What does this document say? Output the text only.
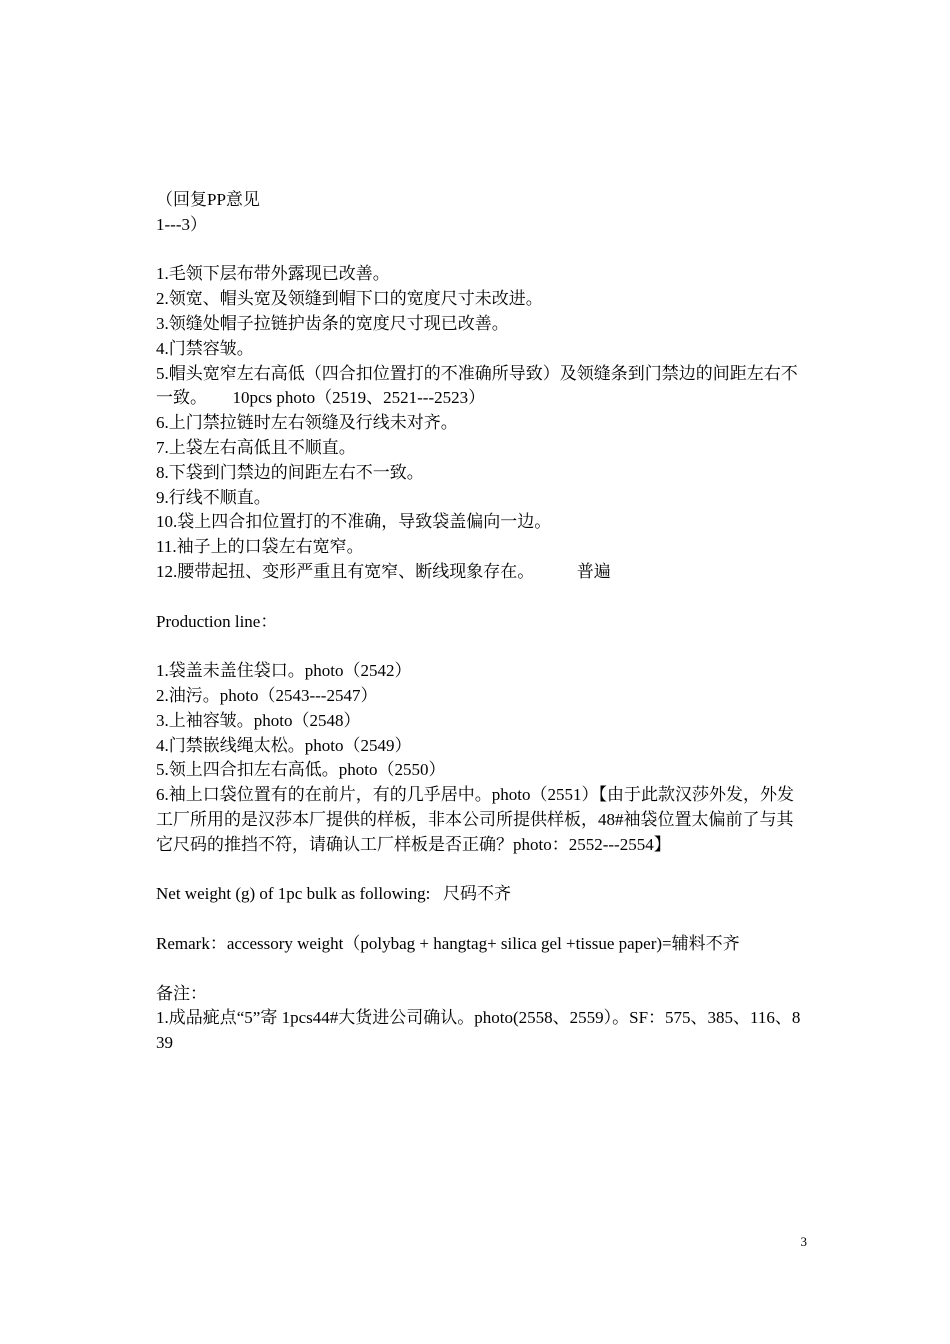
（回复PP意见

1---3）

1.毛领下层布带外露现已改善。

2.领宽、帽头宽及领缝到帽下口的宽度尺寸未改进。

3.领缝处帽子拉链护齿条的宽度尺寸现已改善。

4.门禁容皱。

5.帽头宽窄左右高低（四合扣位置打的不准确所导致）及领缝条到门禁边的间距左右不一致。      10pcs photo（2519、2521---2523）

6.上门禁拉链时左右领缝及行线未对齐。

7.上袋左右高低且不顺直。

8.下袋到门禁边的间距左右不一致。

9.行线不顺直。

10.袋上四合扣位置打的不准确，导致袋盖偏向一边。

11.袖子上的口袋左右宽窄。

12.腰带起扭、变形严重且有宽窄、断线现象存在。          普遍

Production line：

1.袋盖未盖住袋口。photo（2542）

2.油污。photo（2543---2547）

3.上袖容皱。photo（2548）

4.门禁嵌线绳太松。photo（2549）

5.领上四合扣左右高低。photo（2550）

6.袖上口袋位置有的在前片，有的几乎居中。photo（2551）【由于此款汉莎外发，外发工厂所用的是汉莎本厂提供的样板，非本公司所提供样板，48#袖袋位置太偏前了与其它尺码的推挡不符，请确认工厂样板是否正确？photo：2552---2554】

Net weight (g) of 1pc bulk as following:   尺码不齐

Remark：accessory weight（polybag + hangtag+ silica gel +tissue paper)=辅料不齐

备注：

1.成品疵点“5”寄 1pcs44#大货进公司确认。photo(2558、2559）。SF：575、385、116、839

3
